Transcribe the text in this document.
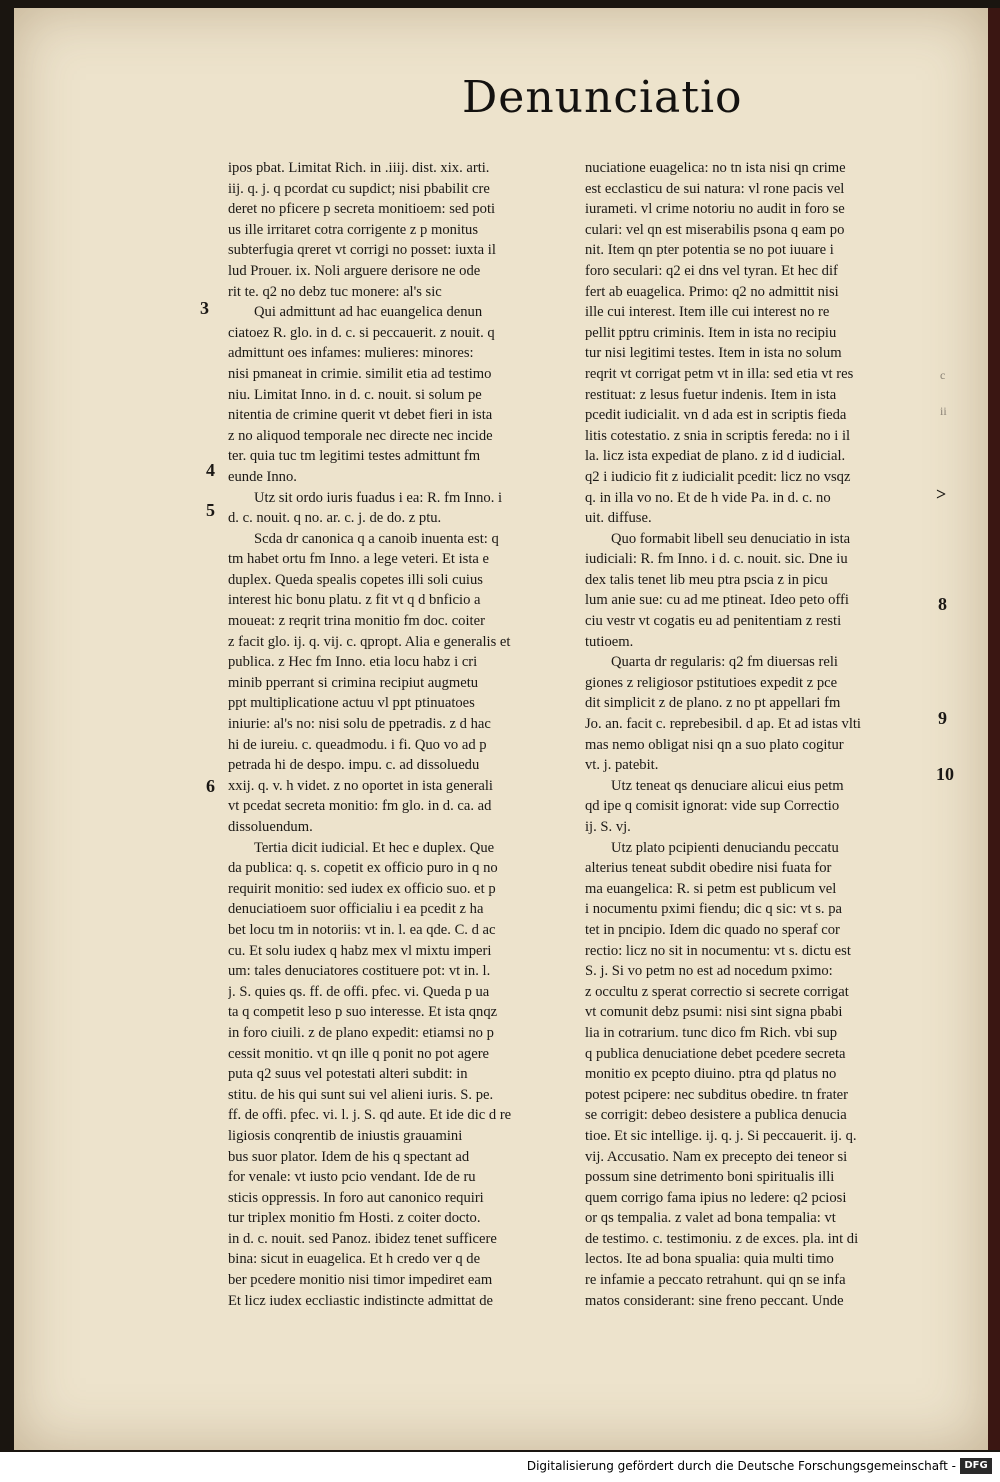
Denunciatio
ipos pbat. Limitat Rich. in .iiij. dist. xix. arti.
iij. q. j. q pcordat cu supdict; nisi pbabilit cre
deret no pficere p secreta monitioem: sed poti
us ille irritaret cotra corrigente z p monitus
subterfugia qreret vt corrigi no posset: iuxta il
lud Prouer. ix. Noli arguere derisore ne ode
rit te. q2 no debz tuc monere: al's sic
Qui admittunt ad hac euangelica denun
ciatoez R. glo. in d. c. si peccauerit. z nouit. q
admittunt oes infames: mulieres: minores:
nisi pmaneat in crimie. similit etia ad testimo
niu. Limitat Inno. in d. c. nouit. si solum pe
nitentia de crimine querit vt debet fieri in ista
z no aliquod temporale nec directe nec incide
ter. quia tuc tm legitimi testes admittunt fm
eunde Inno.
Utz sit ordo iuris fuadus i ea: R. fm Inno. i
d. c. nouit. q no. ar. c. j. de do. z ptu.
Scda dr canonica q a canoib inuenta est: q
tm habet ortu fm Inno. a lege veteri. Et ista e
duplex. Queda spealis copetes illi soli cuius
interest hic bonu platu. z fit vt q d bnficio a
moueat: z reqrit trina monitio fm doc. coiter
z facit glo. ij. q. vij. c. qpropt. Alia e generalis et
publica. z Hec fm Inno. etia locu habz i cri
minib pperrant si crimina recipiut augmetu
ppt multiplicatione actuu vl ppt ptinuatoes
iniurie: al's no: nisi solu de ppetradis. z d hac
hi de iureiu. c. queadmodu. i fi. Quo vo ad p
petrada hi de despo. impu. c. ad dissoluedu
xxij. q. v. h videt. z no oportet in ista generali
vt pcedat secreta monitio: fm glo. in d. ca. ad
dissoluendum.
Tertia dicit iudicial. Et hec e duplex. Que
da publica: q. s. copetit ex officio puro in q no
requirit monitio: sed iudex ex officio suo. et p
denuciatioem suor officialiu i ea pcedit z ha
bet locu tm in notoriis: vt in. l. ea qde. C. d ac
cu. Et solu iudex q habz mex vl mixtu imperi
um: tales denuciatores costituere pot: vt in. l.
j. S. quies qs. ff. de offi. pfec. vi. Queda p ua
ta q competit leso p suo interesse. Et ista qnqz
in foro ciuili. z de plano expedit: etiamsi no p
cessit monitio. vt qn ille q ponit no pot agere
puta q2 suus vel potestati alteri subdit: in
stitu. de his qui sunt sui vel alieni iuris. S. pe.
ff. de offi. pfec. vi. l. j. S. qd aute. Et ide dic d re
ligiosis conqrentib de iniustis grauamini
bus suor plator. Idem de his q spectant ad
for venale: vt iusto pcio vendant. Ide de ru
sticis oppressis. In foro aut canonico requiri
tur triplex monitio fm Hosti. z coiter docto.
in d. c. nouit. sed Panoz. ibidez tenet sufficere
bina: sicut in euagelica. Et h credo ver q de
ber pcedere monitio nisi timor impediret eam
Et licz iudex eccliastic indistincte admittat de
nuciatione euagelica: no tn ista nisi qn crime
est ecclasticu de sui natura: vl rone pacis vel
iurameti. vl crime notoriu no audit in foro se
culari: vel qn est miserabilis psona q eam po
nit. Item qn pter potentia se no pot iuuare i
foro seculari: q2 ei dns vel tyran. Et hec dif
fert ab euagelica. Primo: q2 no admittit nisi
ille cui interest. Item ille cui interest no re
pellit pptru criminis. Item in ista no recipiu
tur nisi legitimi testes. Item in ista no solum
reqrit vt corrigat petm vt in illa: sed etia vt res
restituat: z lesus fuetur indenis. Item in ista
pcedit iudicialit. vn d ada est in scriptis fieda
litis cotestatio. z snia in scriptis fereda: no i il
la. licz ista expediat de plano. z id d iudicial.
q2 i iudicio fit z iudicialit pcedit: licz no vsqz
q. in illa vo no. Et de h vide Pa. in d. c. no
uit. diffuse.
Quo formabit libell seu denuciatio in ista
iudiciali: R. fm Inno. i d. c. nouit. sic. Dne iu
dex talis tenet lib meu ptra pscia z in picu
lum anie sue: cu ad me ptineat. Ideo peto offi
ciu vestr vt cogatis eu ad penitentiam z resti
tutioem.
Quarta dr regularis: q2 fm diuersas reli
giones z religiosor pstitutioes expedit z pce
dit simplicit z de plano. z no pt appellari fm
Jo. an. facit c. reprebesibil. d ap. Et ad istas vlti
mas nemo obligat nisi qn a suo plato cogitur
vt. j. patebit.
Utz teneat qs denuciare alicui eius petm
qd ipe q comisit ignorat: vide sup Correctio
ij. S. vj.
Utz plato pcipienti denuciandu peccatu
alterius teneat subdit obedire nisi fuata for
ma euangelica: R. si petm est publicum vel
i nocumentu pximi fiendu; dic q sic: vt s. pa
tet in pncipio. Idem dic quado no speraf cor
rectio: licz no sit in nocumentu: vt s. dictu est
S. j. Si vo petm no est ad nocedum pximo:
z occultu z sperat correctio si secrete corrigat
vt comunit debz psumi: nisi sint signa pbabi
lia in cotrarium. tunc dico fm Rich. vbi sup
q publica denuciatione debet pcedere secreta
monitio ex pcepto diuino. ptra qd platus no
potest pcipere: nec subditus obedire. tn frater
se corrigit: debeo desistere a publica denucia
tioe. Et sic intellige. ij. q. j. Si peccauerit. ij. q.
vij. Accusatio. Nam ex precepto dei teneor si
possum sine detrimento boni spiritualis illi
quem corrigo fama ipius no ledere: q2 pciosi
or qs tempalia. z valet ad bona tempalia: vt
de testimo. c. testimoniu. z de exces. pla. int di
lectos. Ite ad bona spualia: quia multi timo
re infamie a peccato retrahunt. qui qn se infa
matos considerant: sine freno peccant. Unde
3
4
5
6
>
8
9
10
c
ii
Digitalisierung gefördert durch die Deutsche Forschungsgemeinschaft - DFG
